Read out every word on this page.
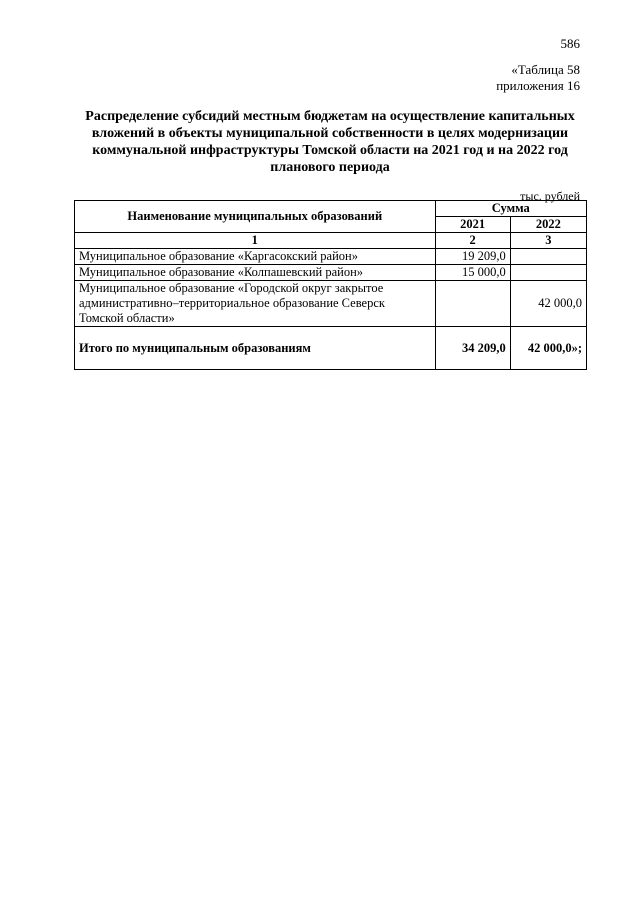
586
«Таблица 58
приложения 16
Распределение субсидий местным бюджетам на осуществление капитальных вложений в объекты муниципальной собственности в целях модернизации коммунальной инфраструктуры Томской области на 2021 год и на 2022 год планового периода
тыс. рублей
Наименование муниципальных образований	Сумма	
	2021	2022
1	2	3
Муниципальное образование «Каргасокский район»	19 209,0	
Муниципальное образование «Колпашевский район»	15 000,0	
Муниципальное образование «Городской округ закрытое административно–территориальное образование Северск Томской области»		42 000,0
Итого по муниципальным образованиям	34 209,0	42 000,0»;
